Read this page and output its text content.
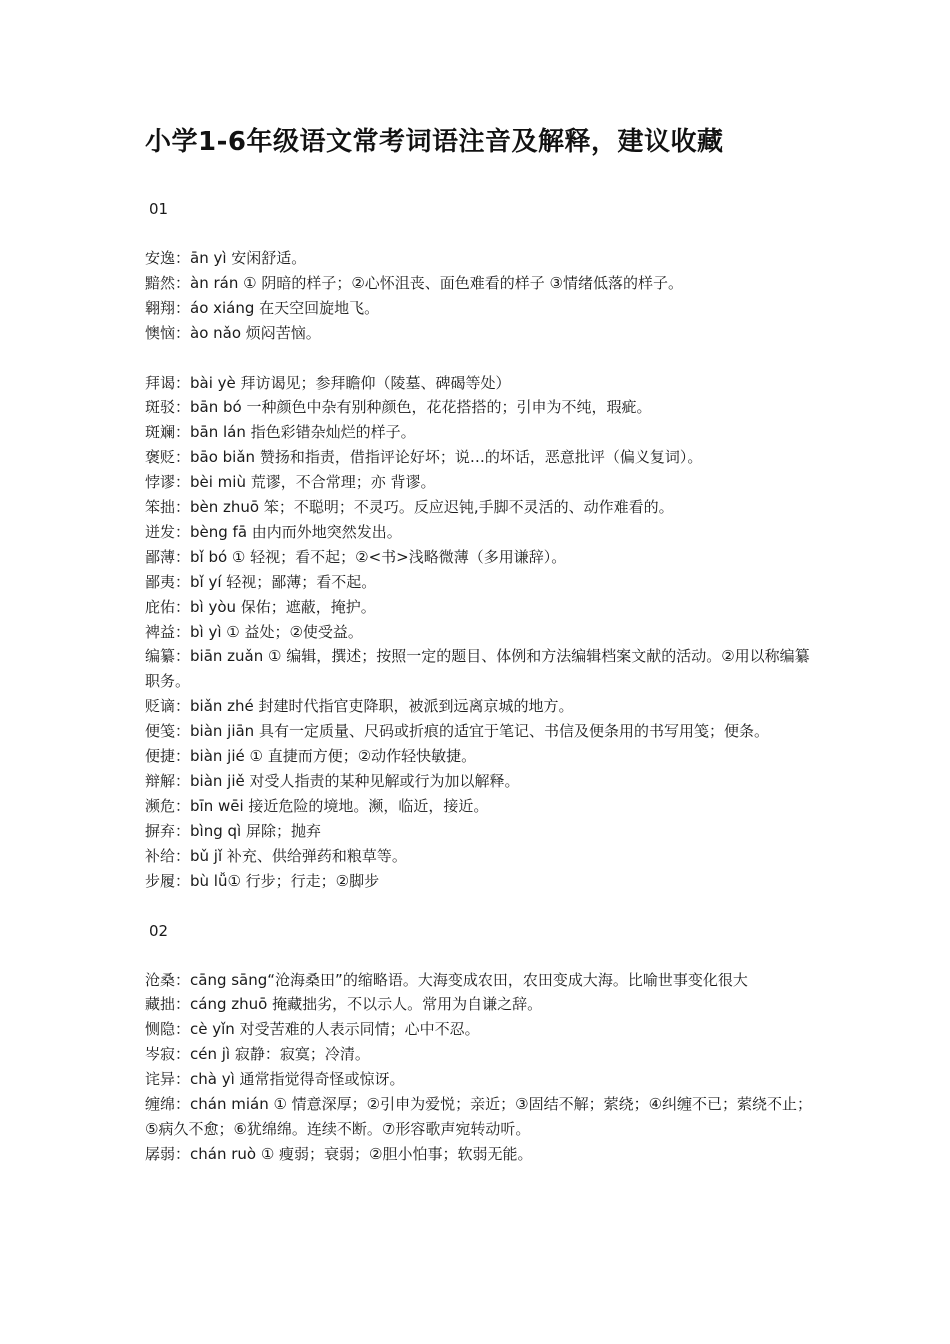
小学1-6年级语文常考词语注音及解释，建议收藏
01

安逸：ān yì 安闲舒适。

黯然：àn rán ① 阴暗的样子；②心怀沮丧、面色难看的样子 ③情绪低落的样子。

翱翔：áo xiáng 在天空回旋地飞。

懊恼：ào nǎo 烦闷苦恼。

拜谒：bài yè 拜访谒见；参拜瞻仰（陵墓、碑碣等处）

斑驳：bān bó 一种颜色中杂有别种颜色，花花搭搭的；引申为不纯，瑕疵。

斑斓：bān lán 指色彩错杂灿烂的样子。

褒贬：bāo biǎn 赞扬和指责，借指评论好坏；说…的坏话，恶意批评（偏义复词）。

悖谬：bèi miù 荒谬，不合常理；亦 背谬。

笨拙：bèn zhuō 笨；不聪明；不灵巧。反应迟钝,手脚不灵活的、动作难看的。

迸发：bèng fā 由内而外地突然发出。

鄙薄：bǐ bó ① 轻视；看不起；②<书>浅略微薄（多用谦辞）。

鄙夷：bǐ yí 轻视；鄙薄；看不起。

庇佑：bì yòu 保佑；遮蔽，掩护。

裨益：bì yì ① 益处；②使受益。

编纂：biān zuǎn ① 编辑，撰述；按照一定的题目、体例和方法编辑档案文献的活动。②用以称编纂职务。

贬谪：biǎn zhé 封建时代指官吏降职，被派到远离京城的地方。

便笺：biàn jiān 具有一定质量、尺码或折痕的适宜于笔记、书信及便条用的书写用笺；便条。

便捷：biàn jié ① 直捷而方便；②动作轻快敏捷。

辩解：biàn jiě 对受人指责的某种见解或行为加以解释。

濒危：bīn wēi 接近危险的境地。濒，临近，接近。

摒弃：bìng qì 屏除；抛弃

补给：bǔ jǐ 补充、供给弹药和粮草等。

步履：bù lǚ① 行步；行走；②脚步

02

沧桑：cāng sāng“沧海桑田”的缩略语。大海变成农田，农田变成大海。比喻世事变化很大

藏拙：cáng zhuō 掩藏拙劣，不以示人。常用为自谦之辞。

恻隐：cè yǐn 对受苦难的人表示同情；心中不忍。

岑寂：cén jì 寂静：寂寞；冷清。

诧异：chà yì 通常指觉得奇怪或惊讶。

缠绵：chán mián ① 情意深厚；②引申为爱悦；亲近；③固结不解；萦绕；④纠缠不已；萦绕不止；⑤病久不愈；⑥犹绵绵。连续不断。⑦形容歌声宛转动听。

孱弱：chán ruò ① 瘦弱；衰弱；②胆小怕事；软弱无能。
